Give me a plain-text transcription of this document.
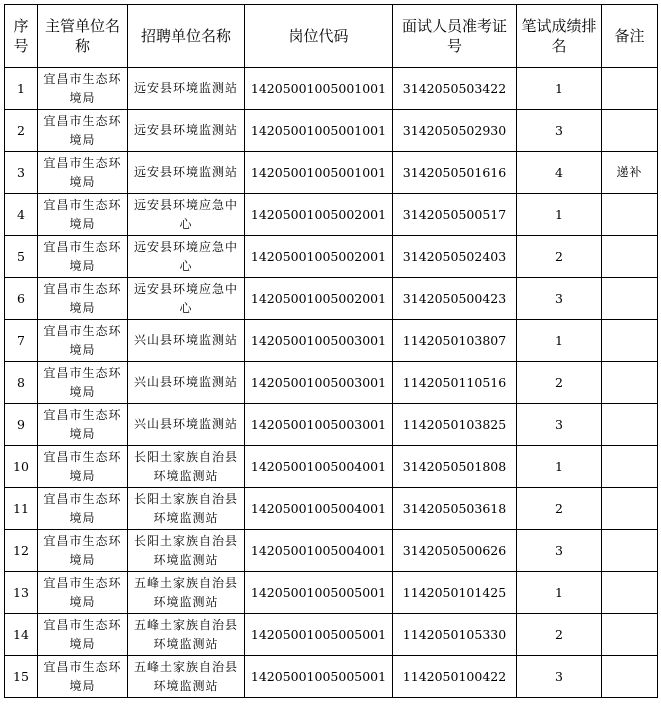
序号	主管单位名称	招聘单位名称	岗位代码	面试人员准考证号	笔试成绩排名	备注
1	宜昌市生态环境局	远安县环境监测站	14205001005001001	3142050503422	1	
2	宜昌市生态环境局	远安县环境监测站	14205001005001001	3142050502930	3	
3	宜昌市生态环境局	远安县环境监测站	14205001005001001	3142050501616	4	递补
4	宜昌市生态环境局	远安县环境应急中心	14205001005002001	3142050500517	1	
5	宜昌市生态环境局	远安县环境应急中心	14205001005002001	3142050502403	2	
6	宜昌市生态环境局	远安县环境应急中心	14205001005002001	3142050500423	3	
7	宜昌市生态环境局	兴山县环境监测站	14205001005003001	1142050103807	1	
8	宜昌市生态环境局	兴山县环境监测站	14205001005003001	1142050110516	2	
9	宜昌市生态环境局	兴山县环境监测站	14205001005003001	1142050103825	3	
10	宜昌市生态环境局	长阳土家族自治县环境监测站	14205001005004001	3142050501808	1	
11	宜昌市生态环境局	长阳土家族自治县环境监测站	14205001005004001	3142050503618	2	
12	宜昌市生态环境局	长阳土家族自治县环境监测站	14205001005004001	3142050500626	3	
13	宜昌市生态环境局	五峰土家族自治县环境监测站	14205001005005001	1142050101425	1	
14	宜昌市生态环境局	五峰土家族自治县环境监测站	14205001005005001	1142050105330	2	
15	宜昌市生态环境局	五峰土家族自治县环境监测站	14205001005005001	1142050100422	3	
